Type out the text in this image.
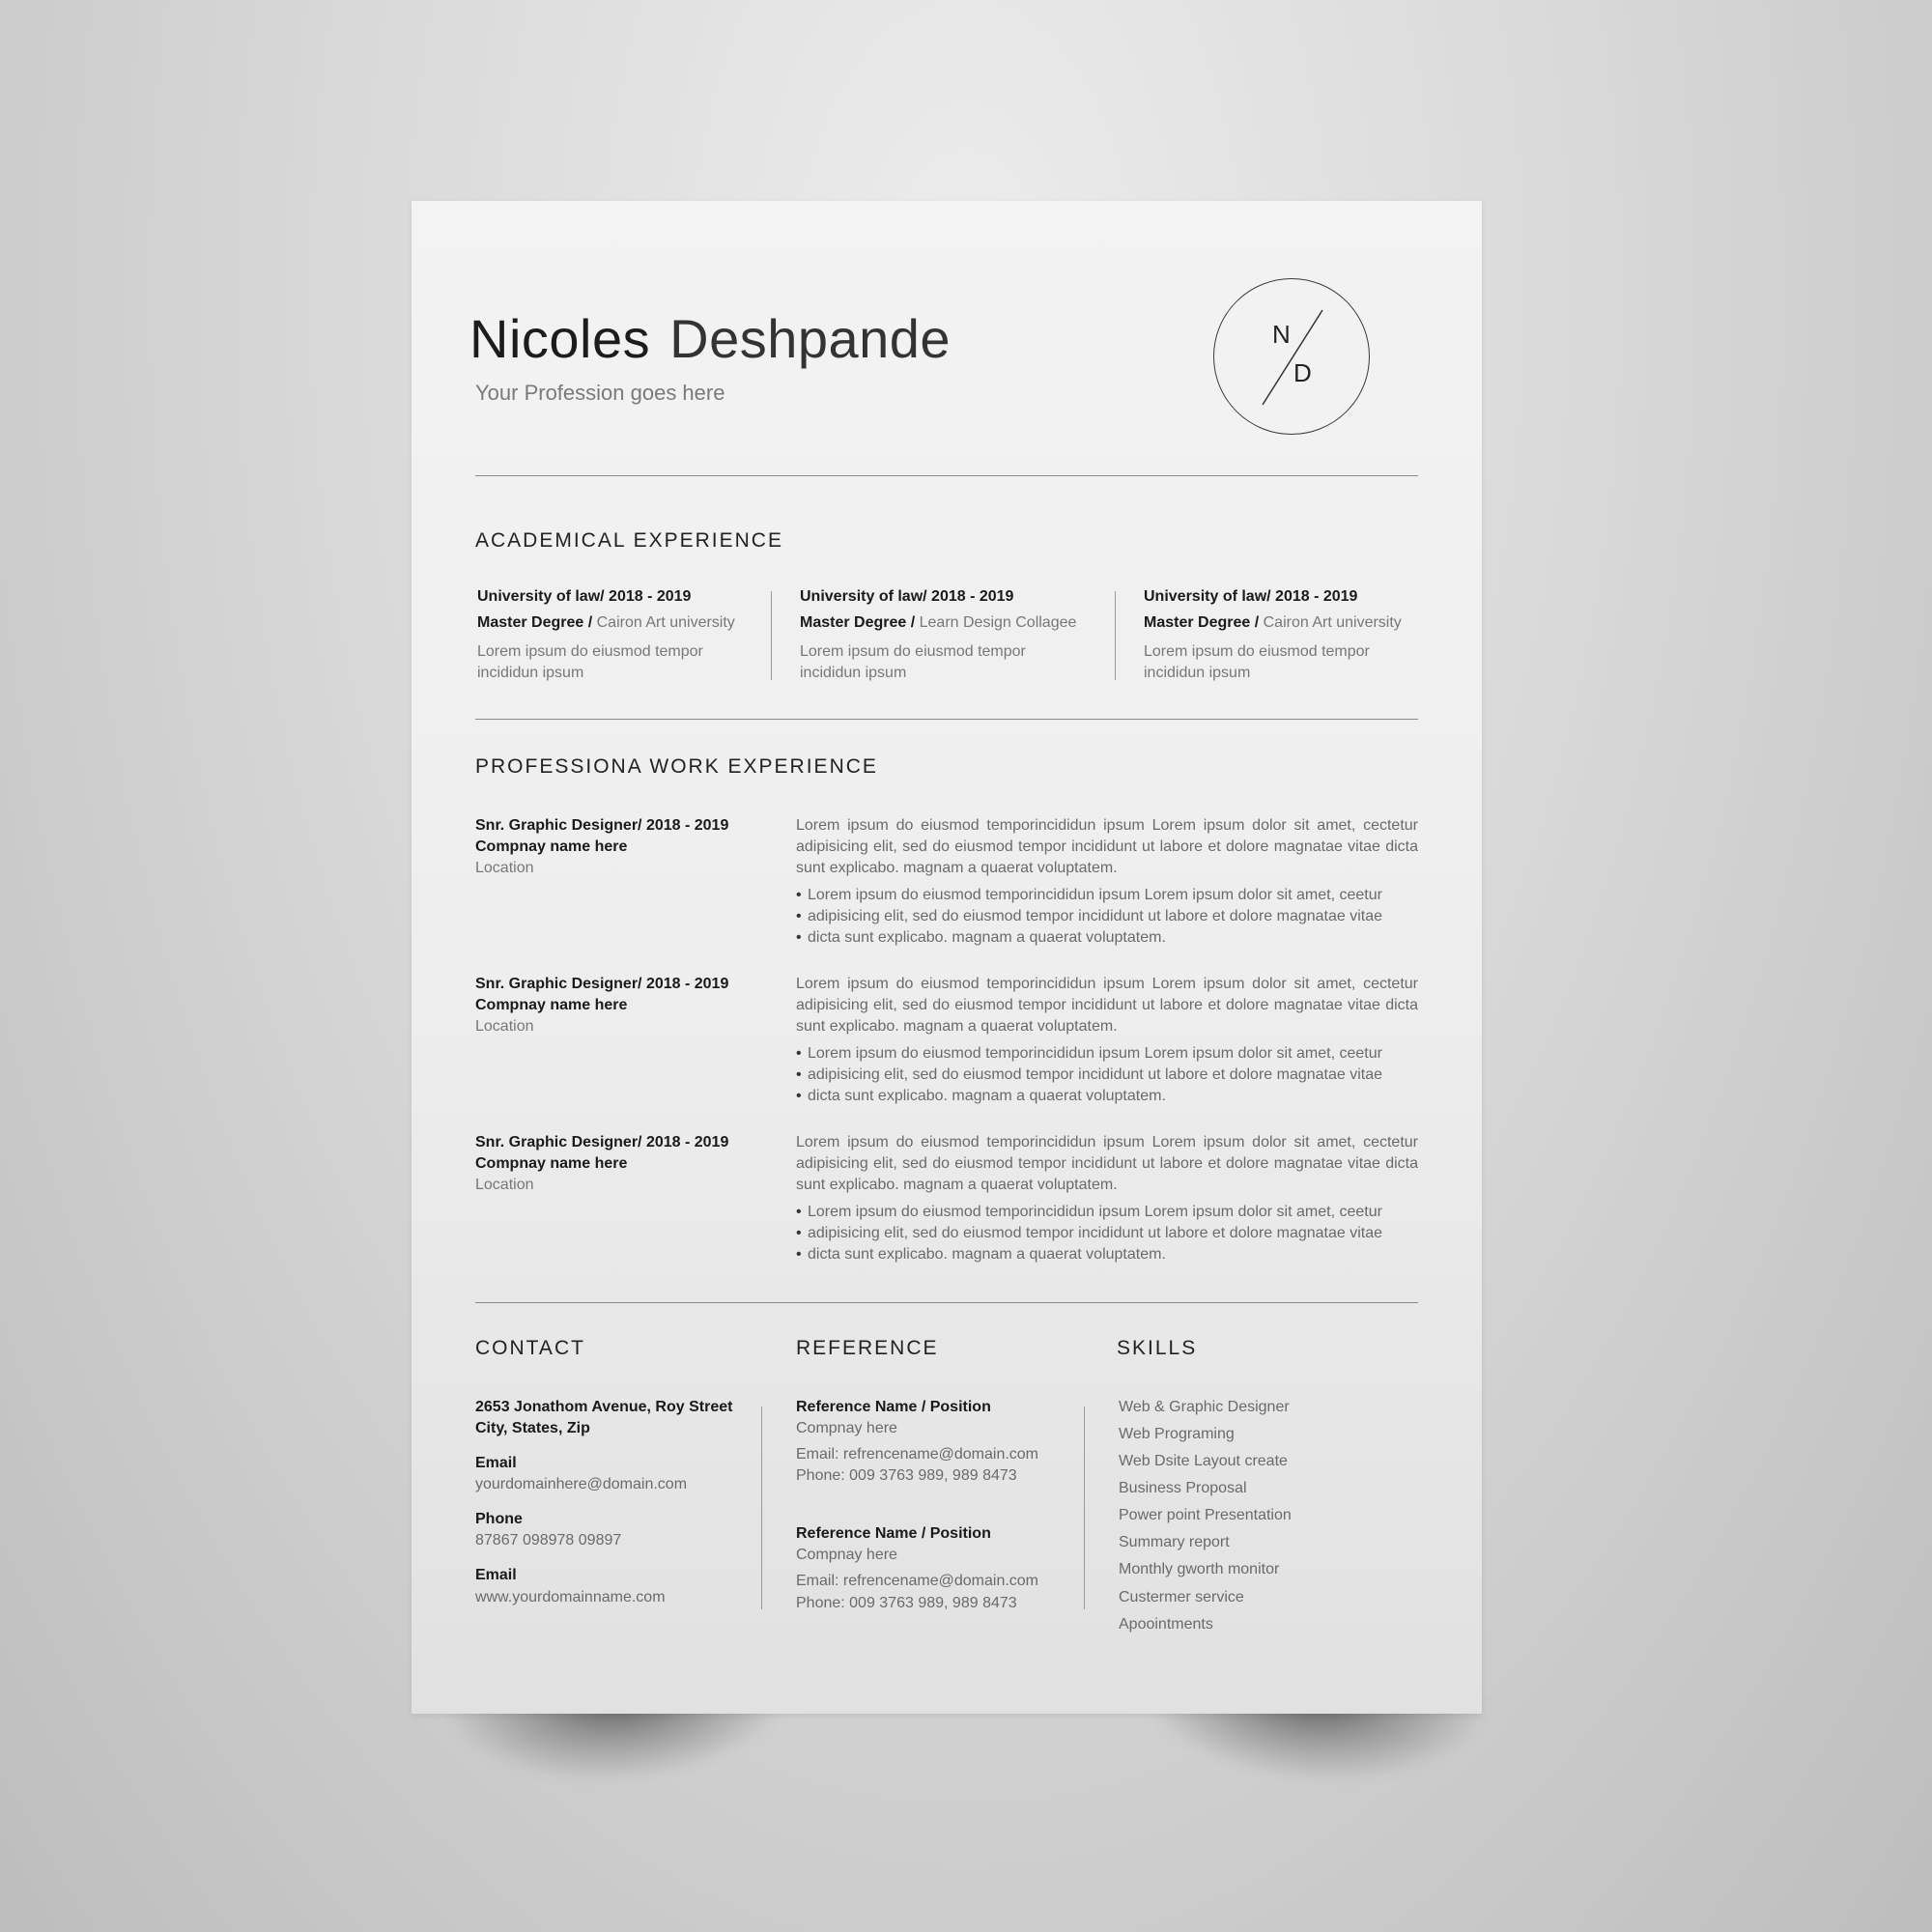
Nicoles Deshpande
Your Profession goes here
N
D
ACADEMICAL EXPERIENCE
University of law/ 2018 - 2019
Master Degree / Cairon Art university
Lorem ipsum do eiusmod tempor incididun ipsum
University of law/ 2018 - 2019
Master Degree / Learn Design Collagee
Lorem ipsum do eiusmod tempor incididun ipsum
University of law/ 2018 - 2019
Master Degree / Cairon Art university
Lorem ipsum do eiusmod tempor incididun ipsum
PROFESSIONA WORK EXPERIENCE
Snr. Graphic Designer/ 2018 - 2019
Compnay name here
Location

Lorem ipsum do eiusmod temporincididun ipsum Lorem ipsum dolor sit amet, cectetur adipisicing elit, sed do eiusmod tempor incididunt ut labore et dolore magnatae vitae dicta sunt explicabo. magnam a quaerat voluptatem.

• Lorem ipsum do eiusmod temporincididun ipsum Lorem ipsum dolor sit amet, ceetur
• adipisicing elit, sed do eiusmod tempor incididunt ut labore et dolore magnatae vitae
• dicta sunt explicabo. magnam a quaerat voluptatem.
Snr. Graphic Designer/ 2018 - 2019
Compnay name here
Location

Lorem ipsum do eiusmod temporincididun ipsum Lorem ipsum dolor sit amet, cectetur adipisicing elit, sed do eiusmod tempor incididunt ut labore et dolore magnatae vitae dicta sunt explicabo. magnam a quaerat voluptatem.

• Lorem ipsum do eiusmod temporincididun ipsum Lorem ipsum dolor sit amet, ceetur
• adipisicing elit, sed do eiusmod tempor incididunt ut labore et dolore magnatae vitae
• dicta sunt explicabo. magnam a quaerat voluptatem.
Snr. Graphic Designer/ 2018 - 2019
Compnay name here
Location

Lorem ipsum do eiusmod temporincididun ipsum Lorem ipsum dolor sit amet, cectetur adipisicing elit, sed do eiusmod tempor incididunt ut labore et dolore magnatae vitae dicta sunt explicabo. magnam a quaerat voluptatem.

• Lorem ipsum do eiusmod temporincididun ipsum Lorem ipsum dolor sit amet, ceetur
• adipisicing elit, sed do eiusmod tempor incididunt ut labore et dolore magnatae vitae
• dicta sunt explicabo. magnam a quaerat voluptatem.
CONTACT
2653 Jonathom Avenue, Roy Street
City, States, Zip
Email
yourdomainhere@domain.com
Phone
87867 098978 09897
Email
www.yourdomainname.com
REFERENCE
Reference Name / Position
Compnay here
Email: refrencename@domain.com
Phone: 009 3763 989, 989 8473
Reference Name / Position
Compnay here
Email: refrencename@domain.com
Phone: 009 3763 989, 989 8473
SKILLS
Web & Graphic Designer
Web Programing
Web Dsite Layout create
Business Proposal
Power point Presentation
Summary report
Monthly gworth monitor
Custermer service
Apoointments
